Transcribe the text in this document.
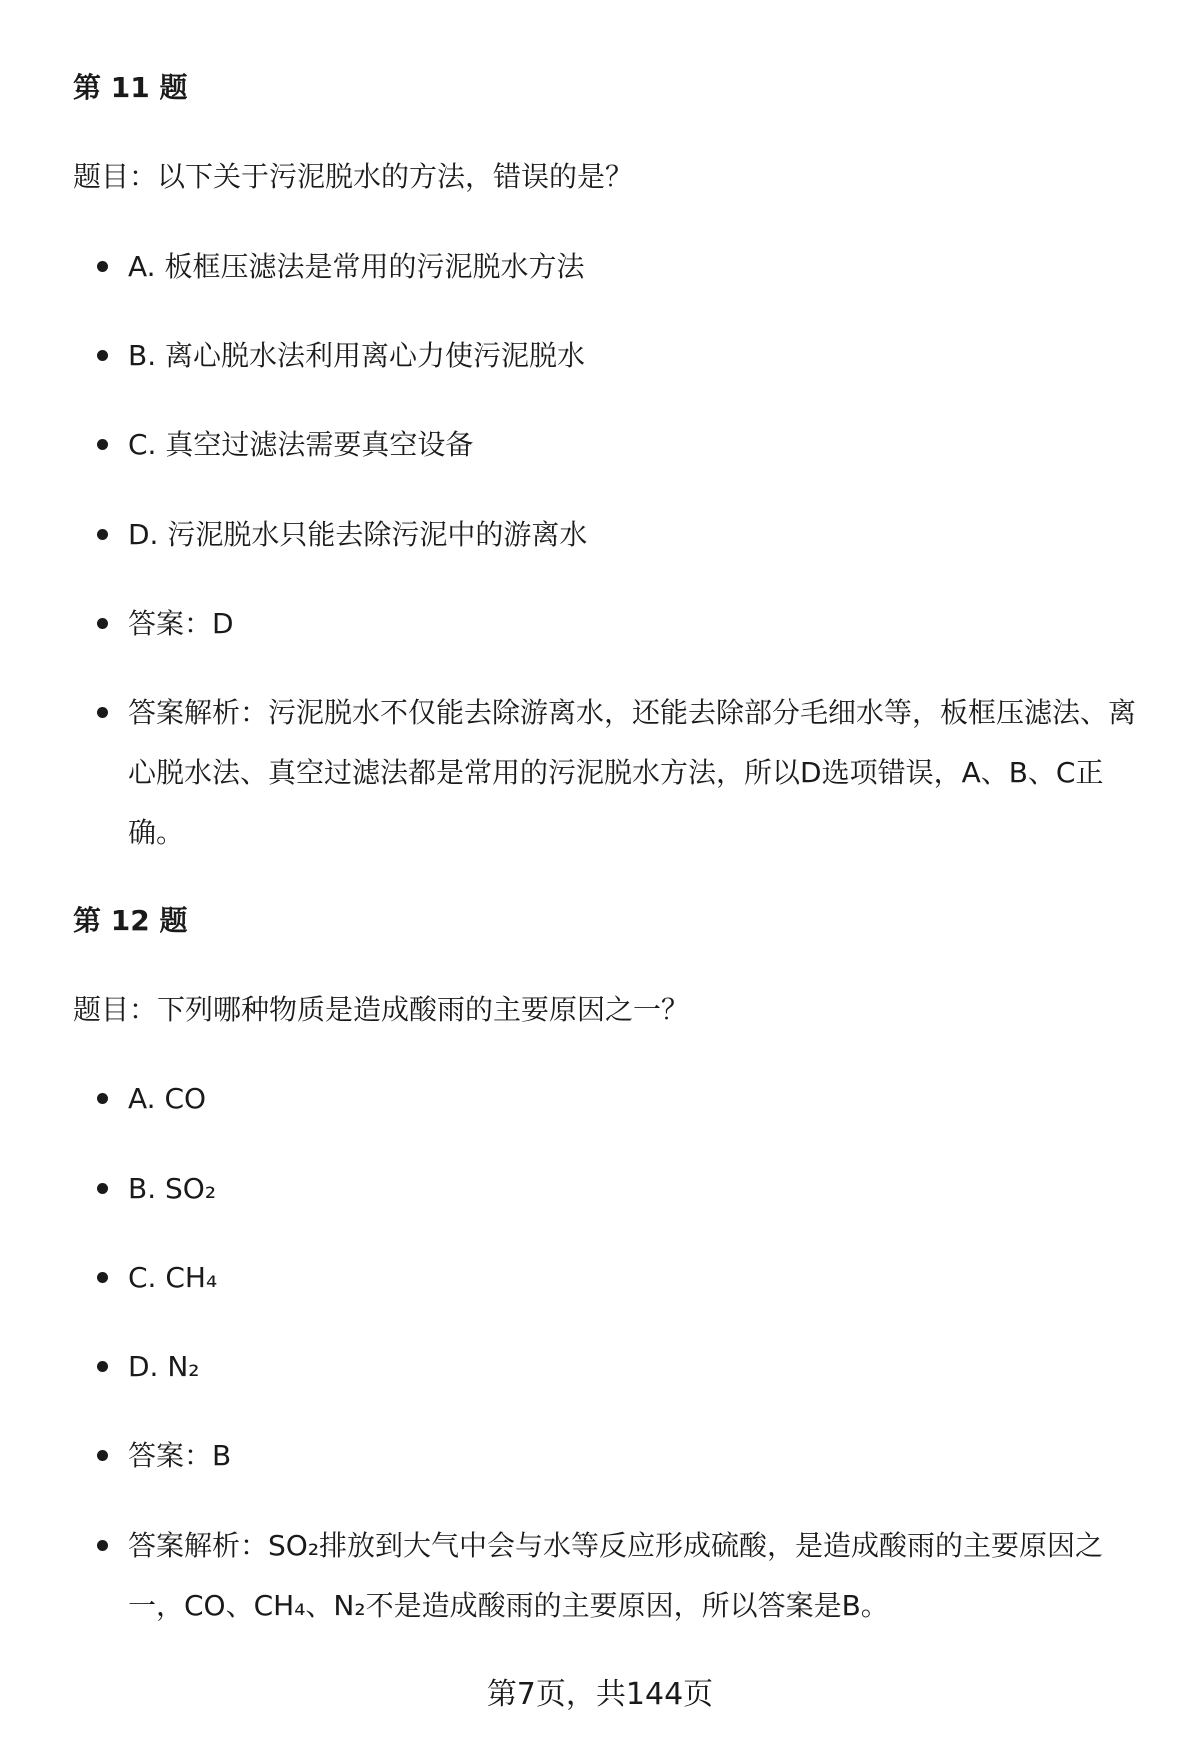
第 11 题
题目：以下关于污泥脱水的方法，错误的是？
A. 板框压滤法是常用的污泥脱水方法
B. 离心脱水法利用离心力使污泥脱水
C. 真空过滤法需要真空设备
D. 污泥脱水只能去除污泥中的游离水
答案：D
答案解析：污泥脱水不仅能去除游离水，还能去除部分毛细水等，板框压滤法、离心脱水法、真空过滤法都是常用的污泥脱水方法，所以D选项错误，A、B、C正确。
第 12 题
题目：下列哪种物质是造成酸雨的主要原因之一？
A. CO
B. SO₂
C. CH₄
D. N₂
答案：B
答案解析：SO₂排放到大气中会与水等反应形成硫酸，是造成酸雨的主要原因之一，CO、CH₄、N₂不是造成酸雨的主要原因，所以答案是B。
第7页，共144页
